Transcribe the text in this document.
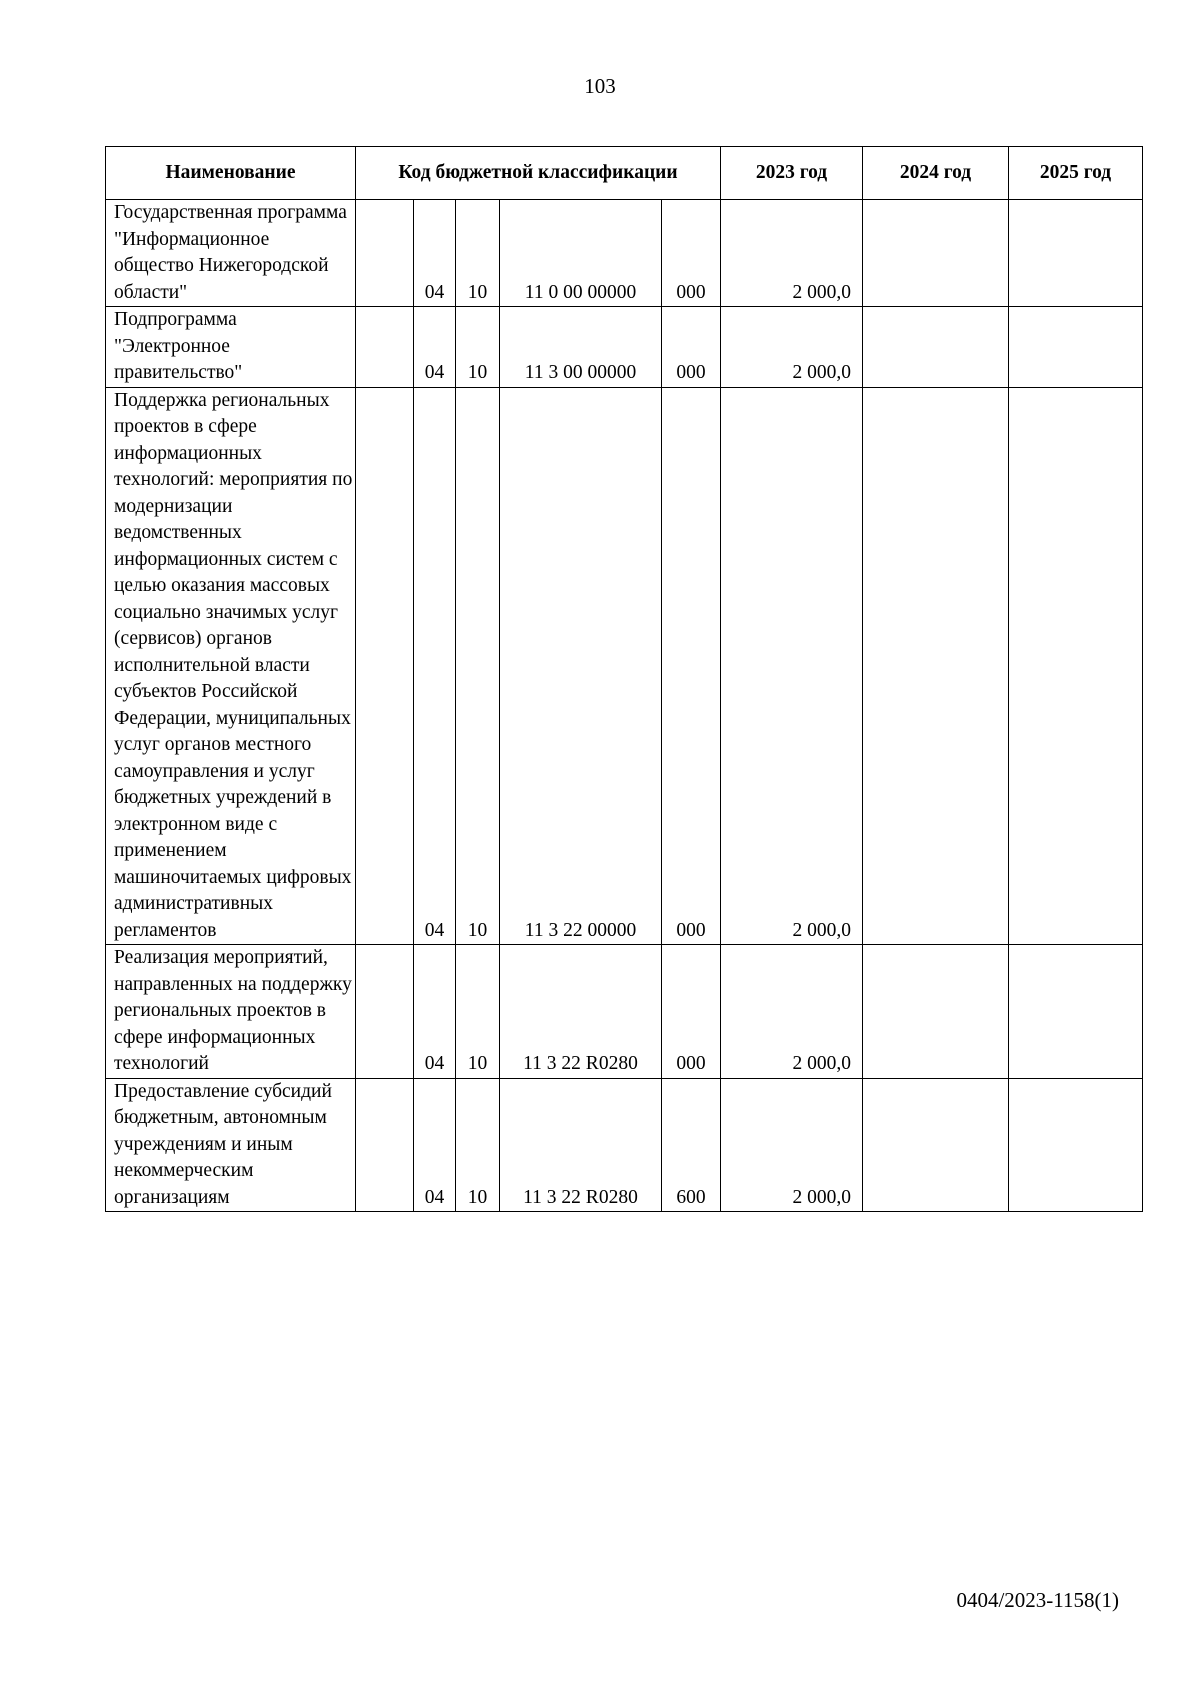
103
Наименование	Код бюджетной классификации					2023 год	2024 год	2025 год
Государственная программа "Информационное общество Нижегородской области"		04	10	11 0 00 00000	000	2 000,0		
Подпрограмма "Электронное правительство"		04	10	11 3 00 00000	000	2 000,0		
Поддержка региональных проектов в сфере информационных технологий: мероприятия по модернизации ведомственных информационных систем с целью оказания массовых социально значимых услуг (сервисов) органов исполнительной власти субъектов Российской Федерации, муниципальных услуг органов местного самоуправления и услуг бюджетных учреждений в электронном виде с применением машиночитаемых цифровых административных регламентов		04	10	11 3 22 00000	000	2 000,0		
Реализация мероприятий, направленных на поддержку региональных проектов в сфере информационных технологий		04	10	11 3 22 R0280	000	2 000,0		
Предоставление субсидий бюджетным, автономным учреждениям и иным некоммерческим организациям		04	10	11 3 22 R0280	600	2 000,0		
0404/2023-1158(1)
